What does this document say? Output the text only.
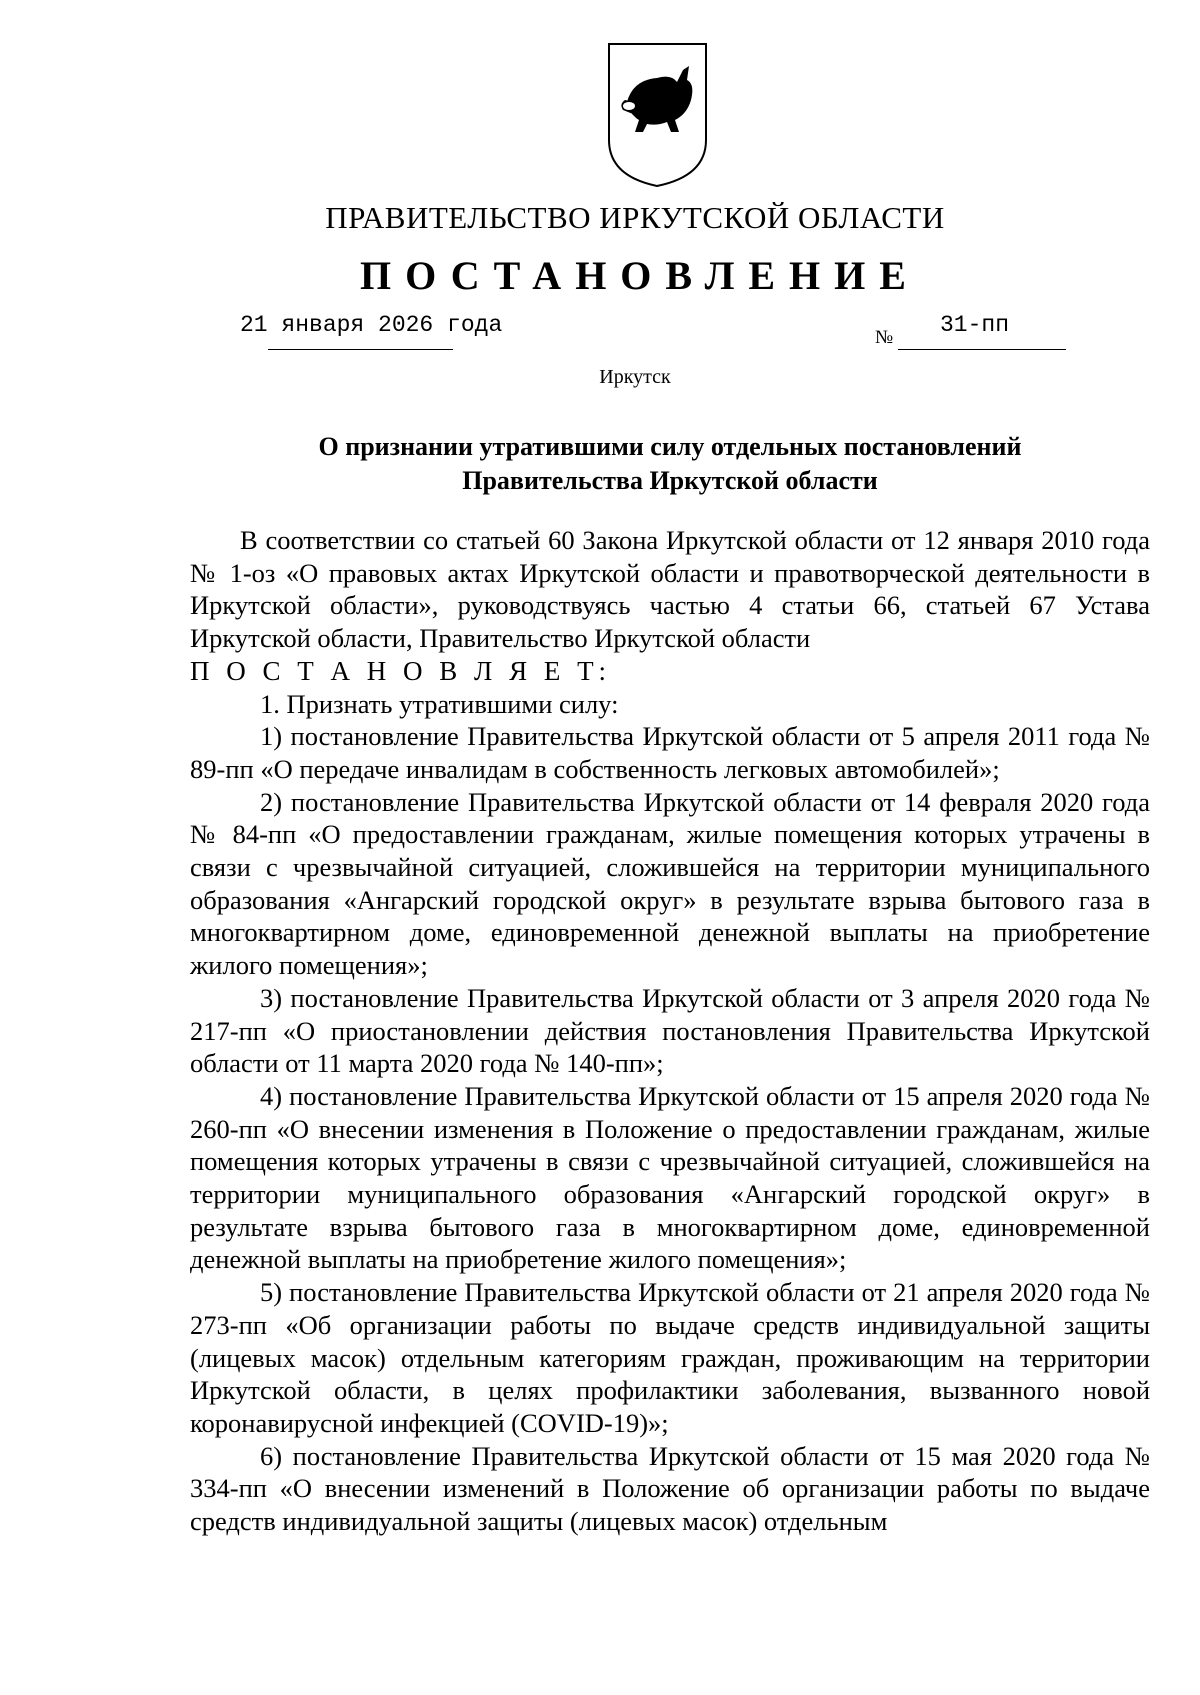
ПРАВИТЕЛЬСТВО ИРКУТСКОЙ ОБЛАСТИ
ПОСТАНОВЛЕНИЕ
21 января 2026 года	№ 31-пп
Иркутск
О признании утратившими силу отдельных постановлений
Правительства Иркутской области

В соответствии со статьей 60 Закона Иркутской области от 12 января 2010 года № 1-оз «О правовых актах Иркутской области и правотворческой деятельности в Иркутской области», руководствуясь частью 4 статьи 66, статьей 67 Устава Иркутской области, Правительство Иркутской области

П О С Т А Н О В Л Я Е Т:

1. Признать утратившими силу:

1) постановление Правительства Иркутской области от 5 апреля 2011 года № 89-пп «О передаче инвалидам в собственность легковых автомобилей»;

2) постановление Правительства Иркутской области от 14 февраля 2020 года № 84-пп «О предоставлении гражданам, жилые помещения которых утрачены в связи с чрезвычайной ситуацией, сложившейся на территории муниципального образования «Ангарский городской округ» в результате взрыва бытового газа в многоквартирном доме, единовременной денежной выплаты на приобретение жилого помещения»;

3) постановление Правительства Иркутской области от 3 апреля 2020 года № 217-пп «О приостановлении действия постановления Правительства Иркутской области от 11 марта 2020 года № 140-пп»;

4) постановление Правительства Иркутской области от 15 апреля 2020 года № 260-пп «О внесении изменения в Положение о предоставлении гражданам, жилые помещения которых утрачены в связи с чрезвычайной ситуацией, сложившейся на территории муниципального образования «Ангарский городской округ» в результате взрыва бытового газа в многоквартирном доме, единовременной денежной выплаты на приобретение жилого помещения»;

5) постановление Правительства Иркутской области от 21 апреля 2020 года № 273-пп «Об организации работы по выдаче средств индивидуальной защиты (лицевых масок) отдельным категориям граждан, проживающим на территории Иркутской области, в целях профилактики заболевания, вызванного новой коронавирусной инфекцией (COVID-19)»;

6) постановление Правительства Иркутской области от 15 мая 2020 года № 334-пп «О внесении изменений в Положение об организации работы по выдаче средств индивидуальной защиты (лицевых масок) отдельным
